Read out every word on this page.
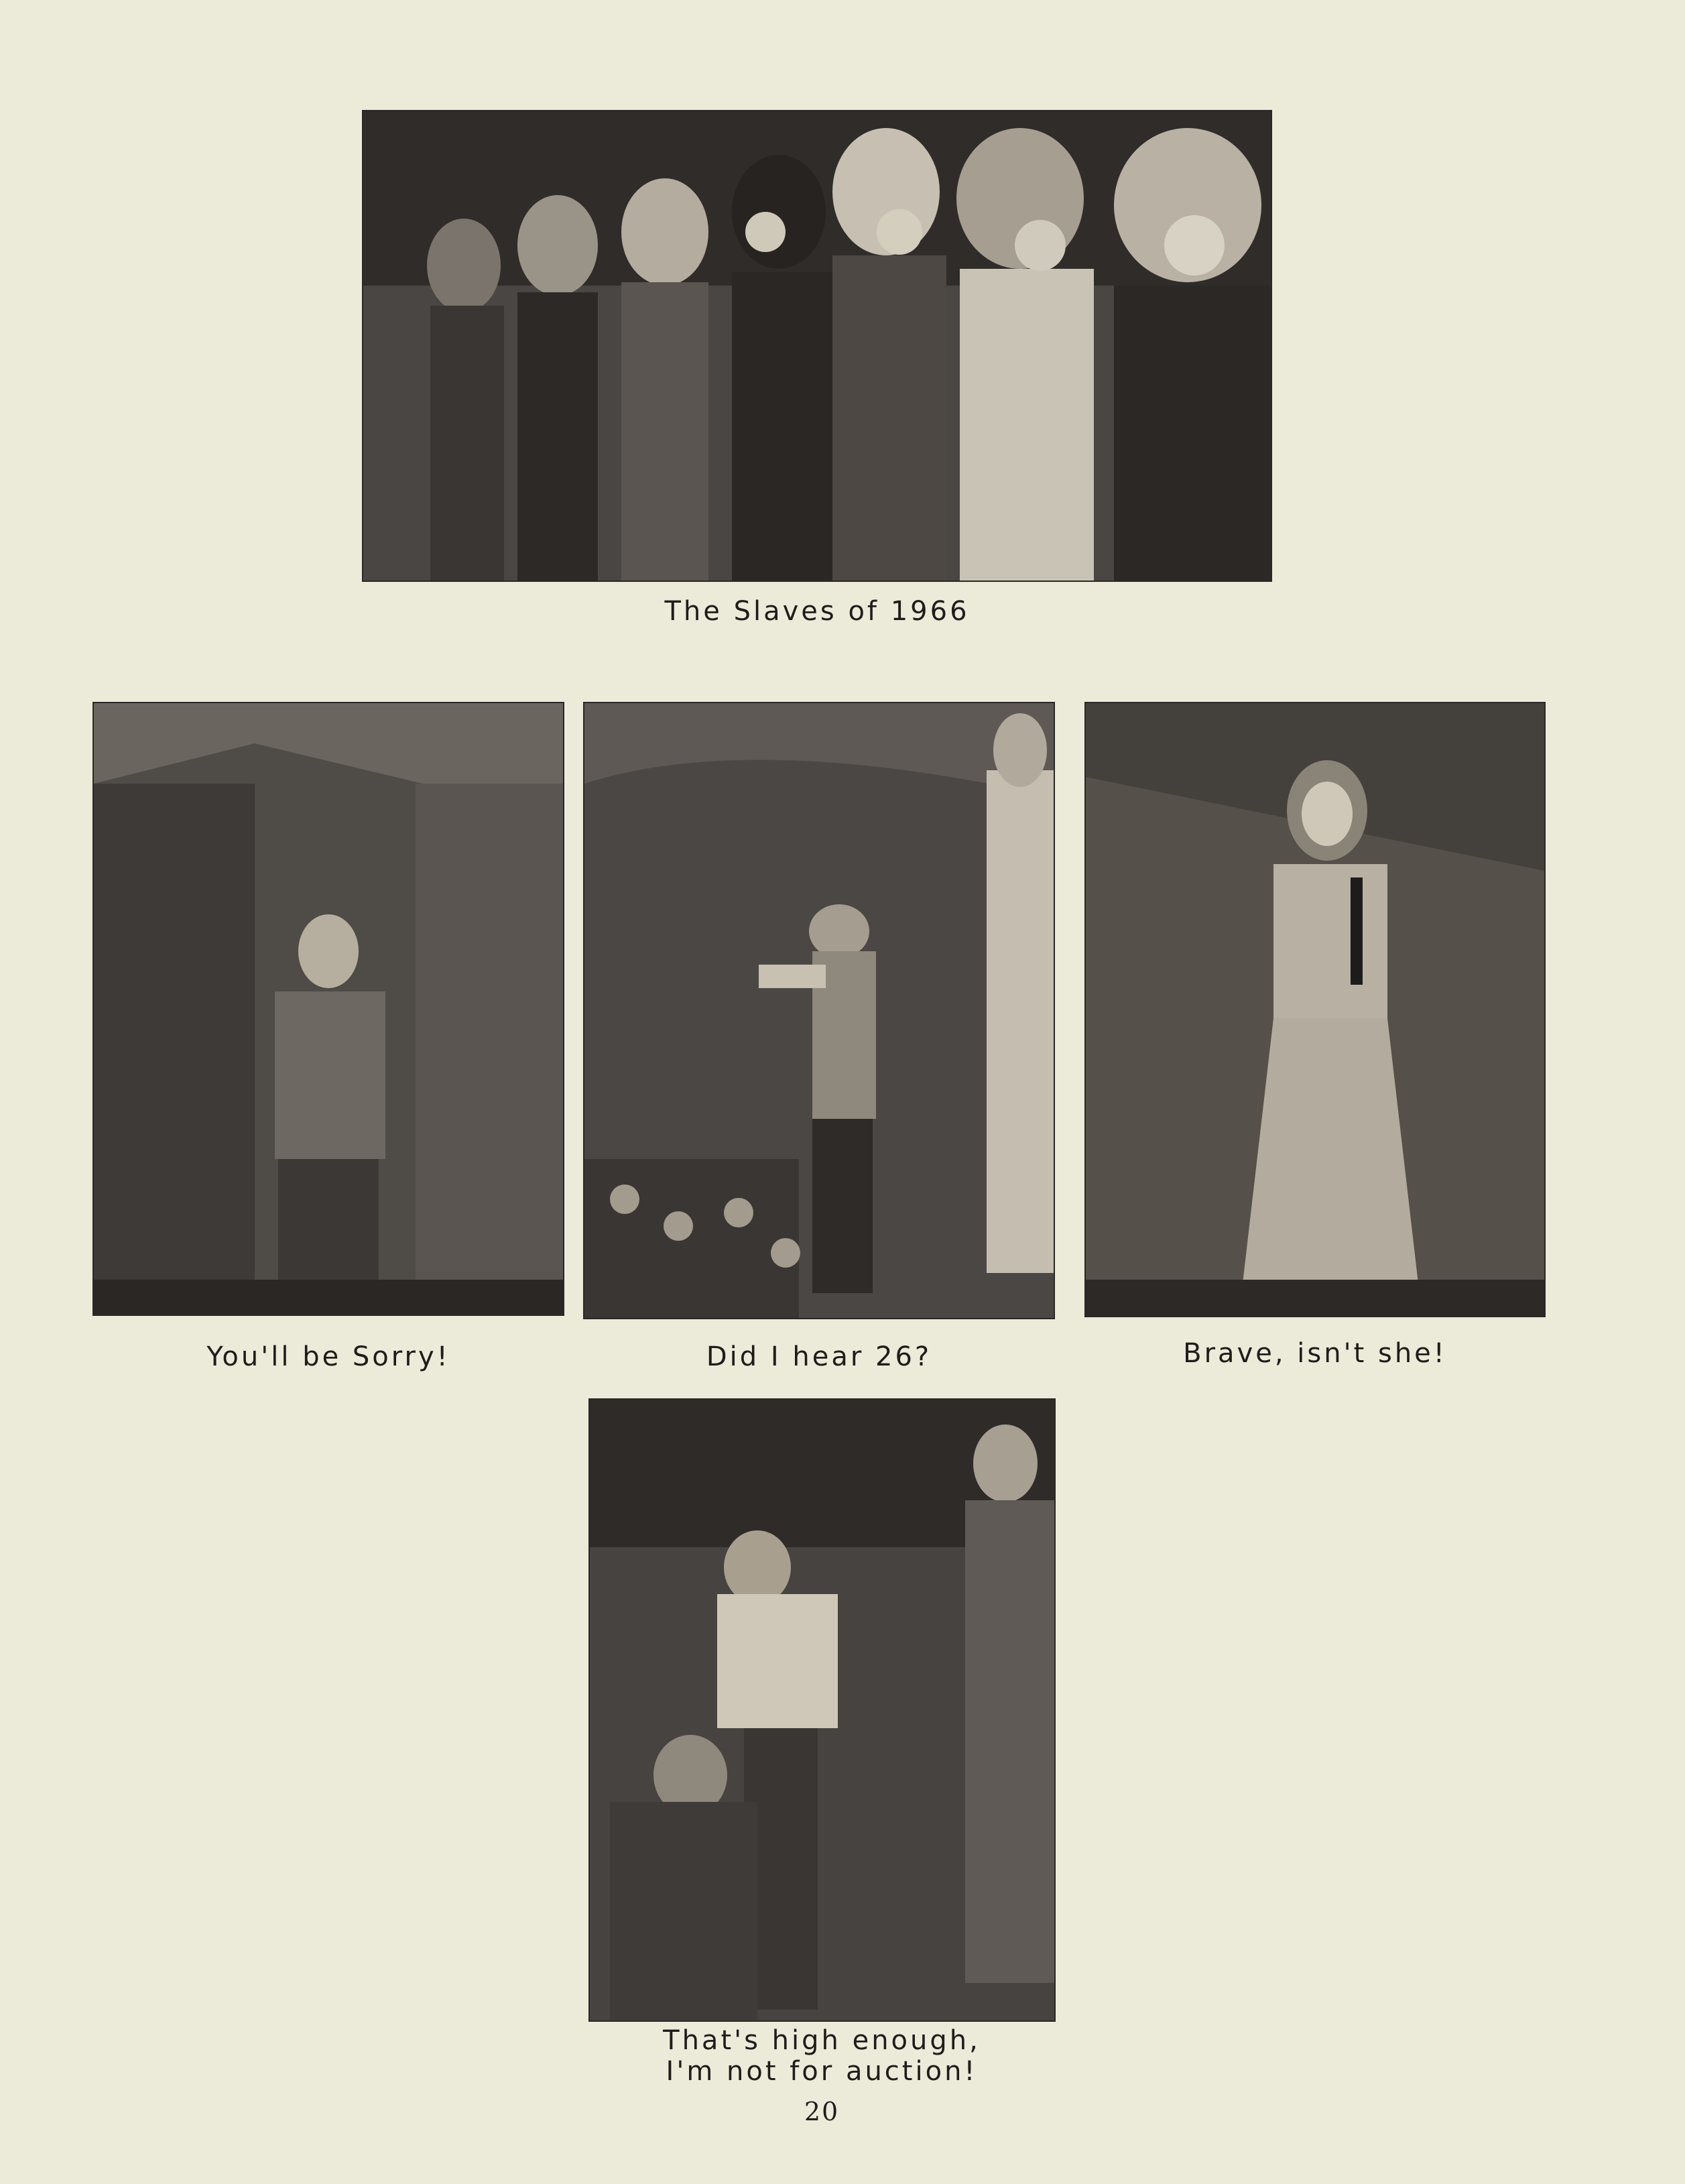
The Slaves of 1966
You'll be Sorry!	Did I hear 26?	Brave, isn't she!
That's high enough,
I'm not for auction!
20
